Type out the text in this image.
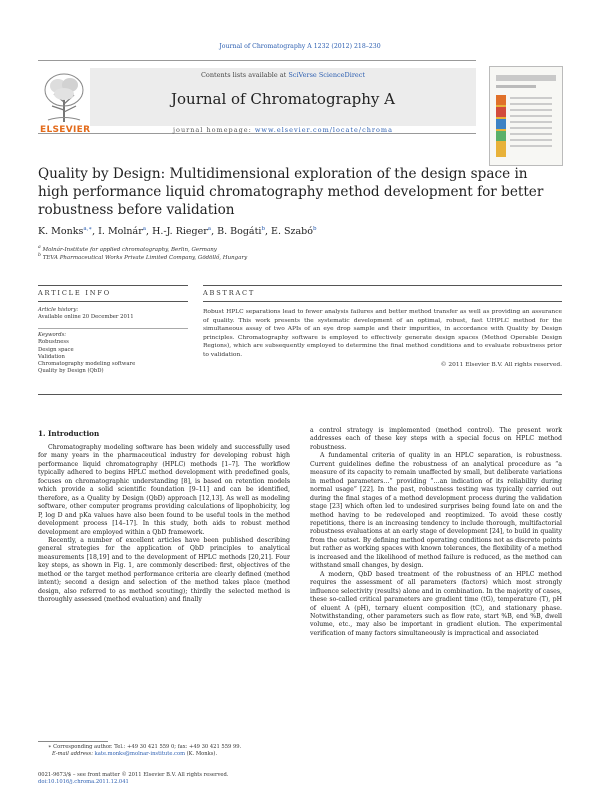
Journal of Chromatography A 1232 (2012) 218–230
ELSEVIER
Contents lists available at SciVerse ScienceDirect
Journal of Chromatography A
journal homepage: www.elsevier.com/locate/chroma
Quality by Design: Multidimensional exploration of the design space in high performance liquid chromatography method development for better robustness before validation
K. Monks$^{a,∗}$, I. Molnár$^a$, H.-J. Rieger$^a$, B. Bogáti$^b$, E. Szabó$^b$
$^a$ Molnár-Institute for applied chromatography, Berlin, Germany
$^b$ TEVA Pharmaceutical Works Private Limited Company, Gödöllő, Hungary
ARTICLE INFO	ABSTRACT
Article history:
Available online 20 December 2011
Keywords:
Robustness
Design space
Validation
Chromatography modeling software
Quality by Design (QbD)
Robust HPLC separations lead to fewer analysis failures and better method transfer as well as providing an assurance of quality. This work presents the systematic development of an optimal, robust, fast UHPLC method for the simultaneous assay of two APIs of an eye drop sample and their impurities, in accordance with Quality by Design principles. Chromatography software is employed to effectively generate design spaces (Method Operable Design Regions), which are subsequently employed to determine the final method conditions and to evaluate robustness prior to validation.
© 2011 Elsevier B.V. All rights reserved.
1. Introduction

Chromatography modeling software has been widely and successfully used for many years in the pharmaceutical industry for developing robust high performance liquid chromatography (HPLC) methods [1–7]. The workflow typically adhered to begins HPLC method development with predefined goals, focuses on chromatographic understanding [8], is based on retention models which provide a solid scientific foundation [9–11] and can be identified, therefore, as a Quality by Design (QbD) approach [12,13]. As well as modeling software, other computer programs providing calculations of lipophobicity, log P, log D and pKa values have also been found to be useful tools in the method development process [14–17]. In this study, both aids to robust method development are employed within a QbD framework.

Recently, a number of excellent articles have been published describing general strategies for the application of QbD principles to analytical measurements [18,19] and to the development of HPLC methods [20,21]. Four key steps, as shown in Fig. 1, are commonly described: first, objectives of the method or the target method performance criteria are clearly defined (method intent); second a design and selection of the method takes place (method design, also referred to as method scouting); thirdly the selected method is thoroughly assessed (method evaluation) and finally

a control strategy is implemented (method control). The present work addresses each of these key steps with a special focus on HPLC method robustness.

A fundamental criteria of quality in an HPLC separation, is robustness. Current guidelines define the robustness of an analytical procedure as “a measure of its capacity to remain unaffected by small, but deliberate variations in method parameters…” providing “…an indication of its reliability during normal usage” [22]. In the past, robustness testing was typically carried out during the final stages of a method development process during the validation stage [23] which often led to undesired surprises being found late on and the method having to be redeveloped and reoptimized. To avoid these costly repetitions, there is an increasing tendency to include thorough, multifactorial robustness evaluations at an early stage of development [24], to build in quality from the outset. By defining method operating conditions not as discrete points but rather as working spaces with known tolerances, the flexibility of a method is increased and the likelihood of method failure is reduced, as the method can withstand small changes, by design.

A modern, QbD based treatment of the robustness of an HPLC method requires the assessment of all parameters (factors) which most strongly influence selectivity (results) alone and in combination. In the majority of cases, these so-called critical parameters are gradient time (tG), temperature (T), pH of eluent A (pH), ternary eluent composition (tC), and stationary phase. Notwithstanding, other parameters such as flow rate, start %B, end %B, dwell volume, etc., may also be important in gradient elution. The experimental verification of many factors simultaneously is impractical and associated

∗ Corresponding author. Tel.: +49 30 421 559 0; fax: +49 30 421 559 99.
E-mail address: kate.monks@molnar-institute.com (K. Monks).
0021-9673/$ – see front matter © 2011 Elsevier B.V. All rights reserved.
doi:10.1016/j.chroma.2011.12.041
